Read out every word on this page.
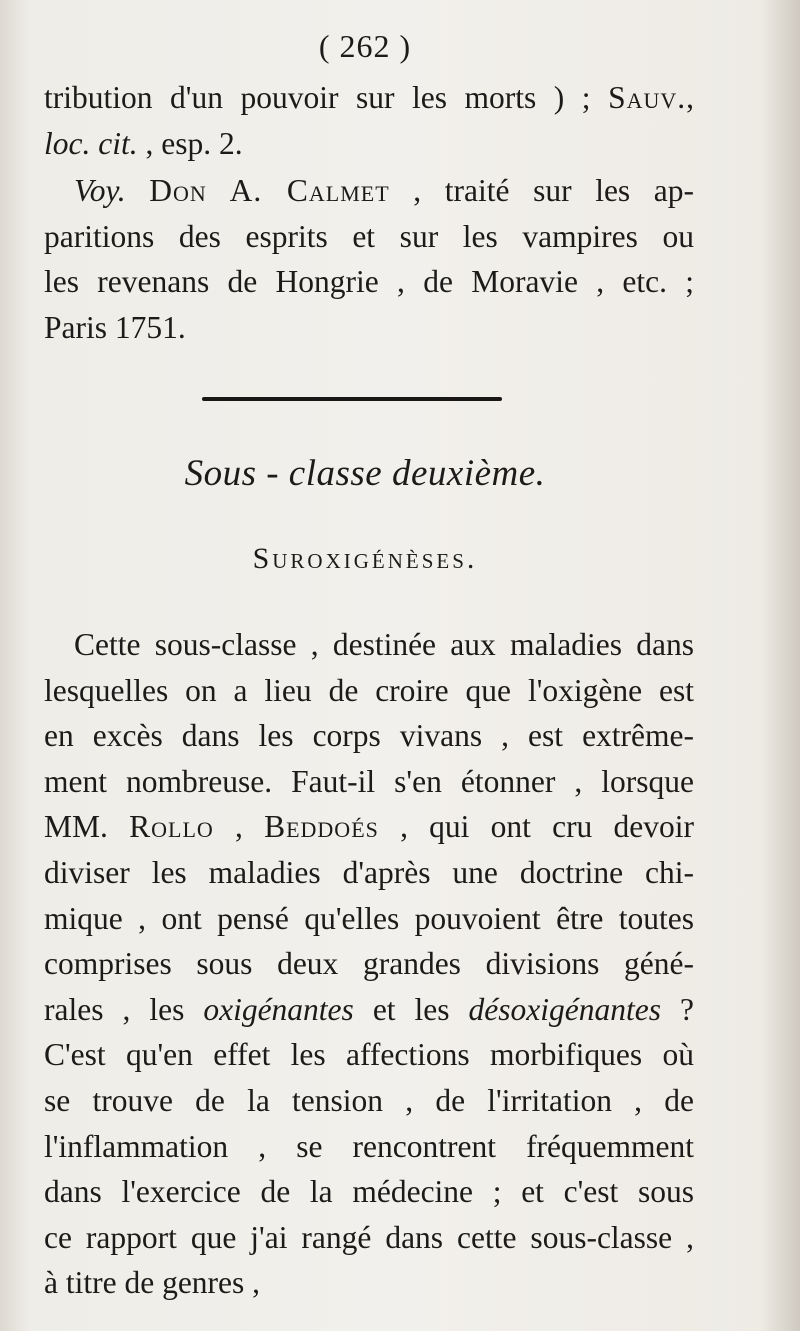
( 262 )
tribution d'un pouvoir sur les morts ) ; Sauv.,
loc. cit. , esp. 2.
Voy. Don A. Calmet , traité sur les ap-
paritions des esprits et sur les vampires ou
les revenans de Hongrie , de Moravie , etc. ;
Paris 1751.
Sous - classe deuxième.
Suroxigénèses.
Cette sous-classe , destinée aux maladies dans
lesquelles on a lieu de croire que l'oxigène est
en excès dans les corps vivans , est extrême-
ment nombreuse. Faut-il s'en étonner , lorsque
MM. Rollo , Beddoés , qui ont cru devoir
diviser les maladies d'après une doctrine chi-
mique , ont pensé qu'elles pouvoient être toutes
comprises sous deux grandes divisions géné-
rales , les oxigénantes et les désoxigénantes ?
C'est qu'en effet les affections morbifiques où
se trouve de la tension , de l'irritation , de
l'inflammation , se rencontrent fréquemment
dans l'exercice de la médecine ; et c'est sous
ce rapport que j'ai rangé dans cette sous-classe ,
à titre de genres ,
